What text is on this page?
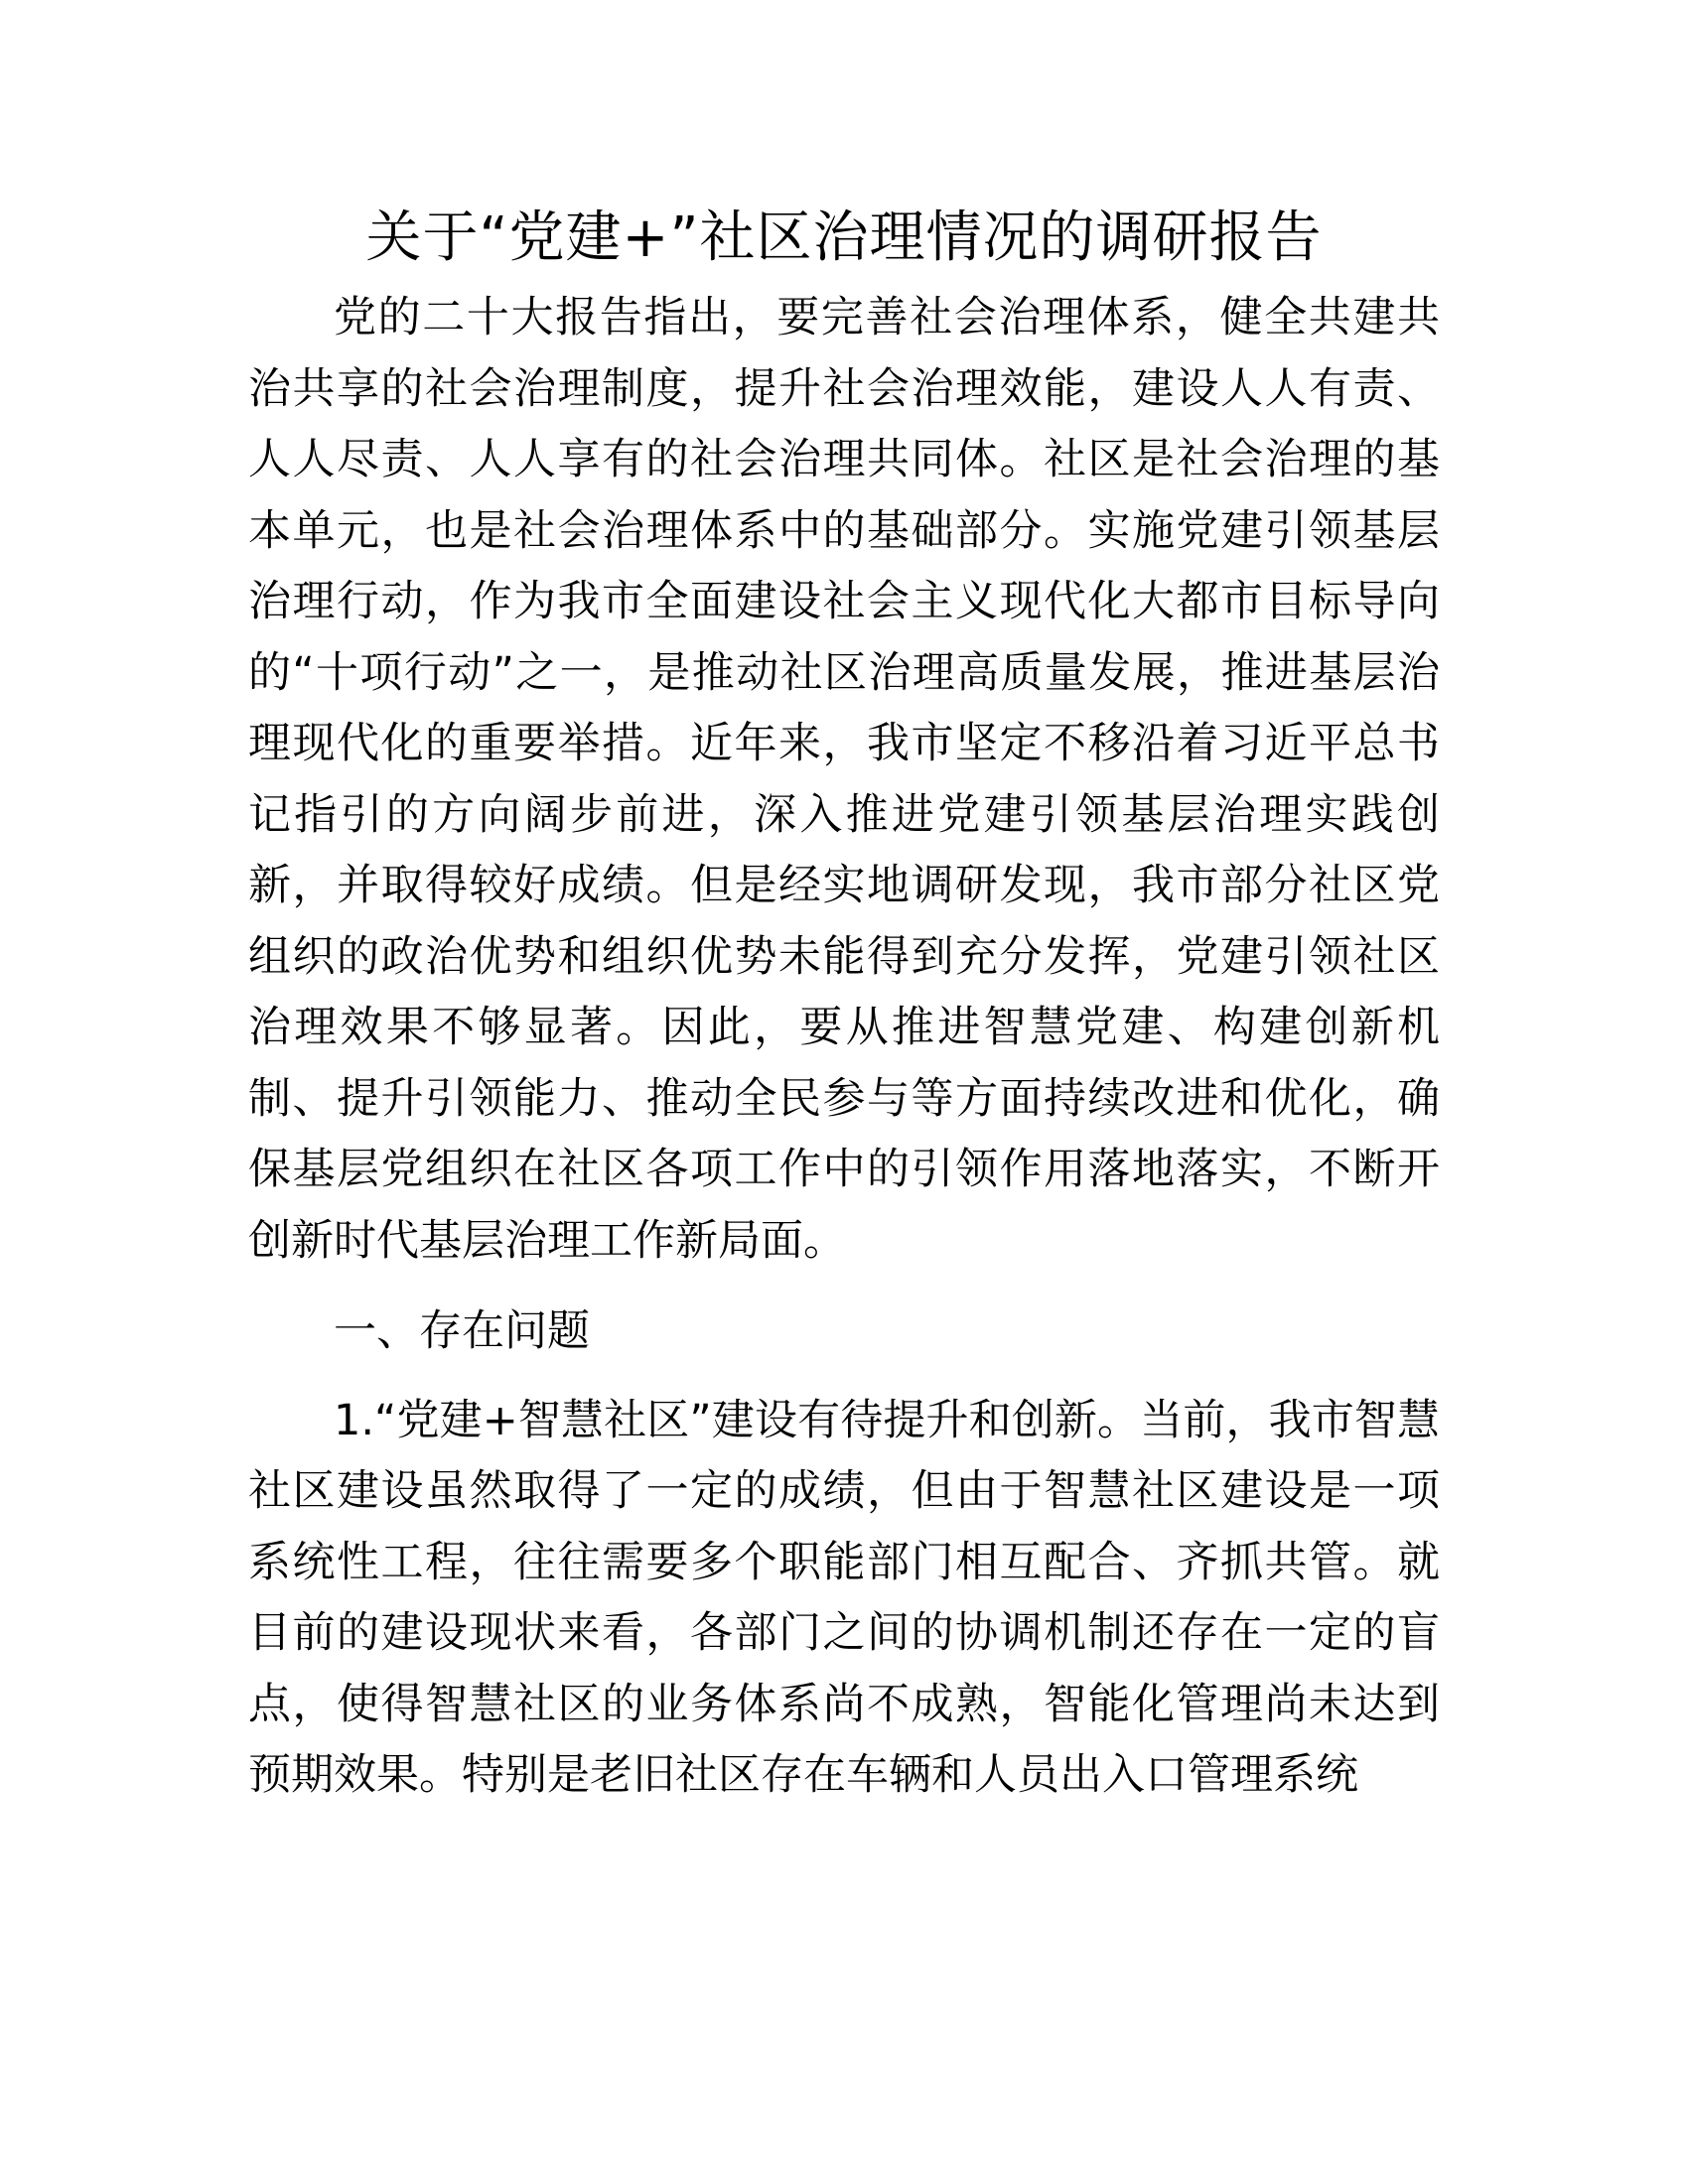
关于“党建+”社区治理情况的调研报告

党的二十大报告指出，要完善社会治理体系，健全共建共治共享的社会治理制度，提升社会治理效能，建设人人有责、人人尽责、人人享有的社会治理共同体。社区是社会治理的基本单元，也是社会治理体系中的基础部分。实施党建引领基层治理行动，作为我市全面建设社会主义现代化大都市目标导向的“十项行动”之一，是推动社区治理高质量发展，推进基层治理现代化的重要举措。近年来，我市坚定不移沿着习近平总书记指引的方向阔步前进，深入推进党建引领基层治理实践创新，并取得较好成绩。但是经实地调研发现，我市部分社区党组织的政治优势和组织优势未能得到充分发挥，党建引领社区治理效果不够显著。因此，要从推进智慧党建、构建创新机制、提升引领能力、推动全民参与等方面持续改进和优化，确保基层党组织在社区各项工作中的引领作用落地落实，不断开创新时代基层治理工作新局面。

一、存在问题

1.“党建+智慧社区”建设有待提升和创新。当前，我市智慧社区建设虽然取得了一定的成绩，但由于智慧社区建设是一项系统性工程，往往需要多个职能部门相互配合、齐抓共管。就目前的建设现状来看，各部门之间的协调机制还存在一定的盲点，使得智慧社区的业务体系尚不成熟，智能化管理尚未达到预期效果。特别是老旧社区存在车辆和人员出入口管理系统
